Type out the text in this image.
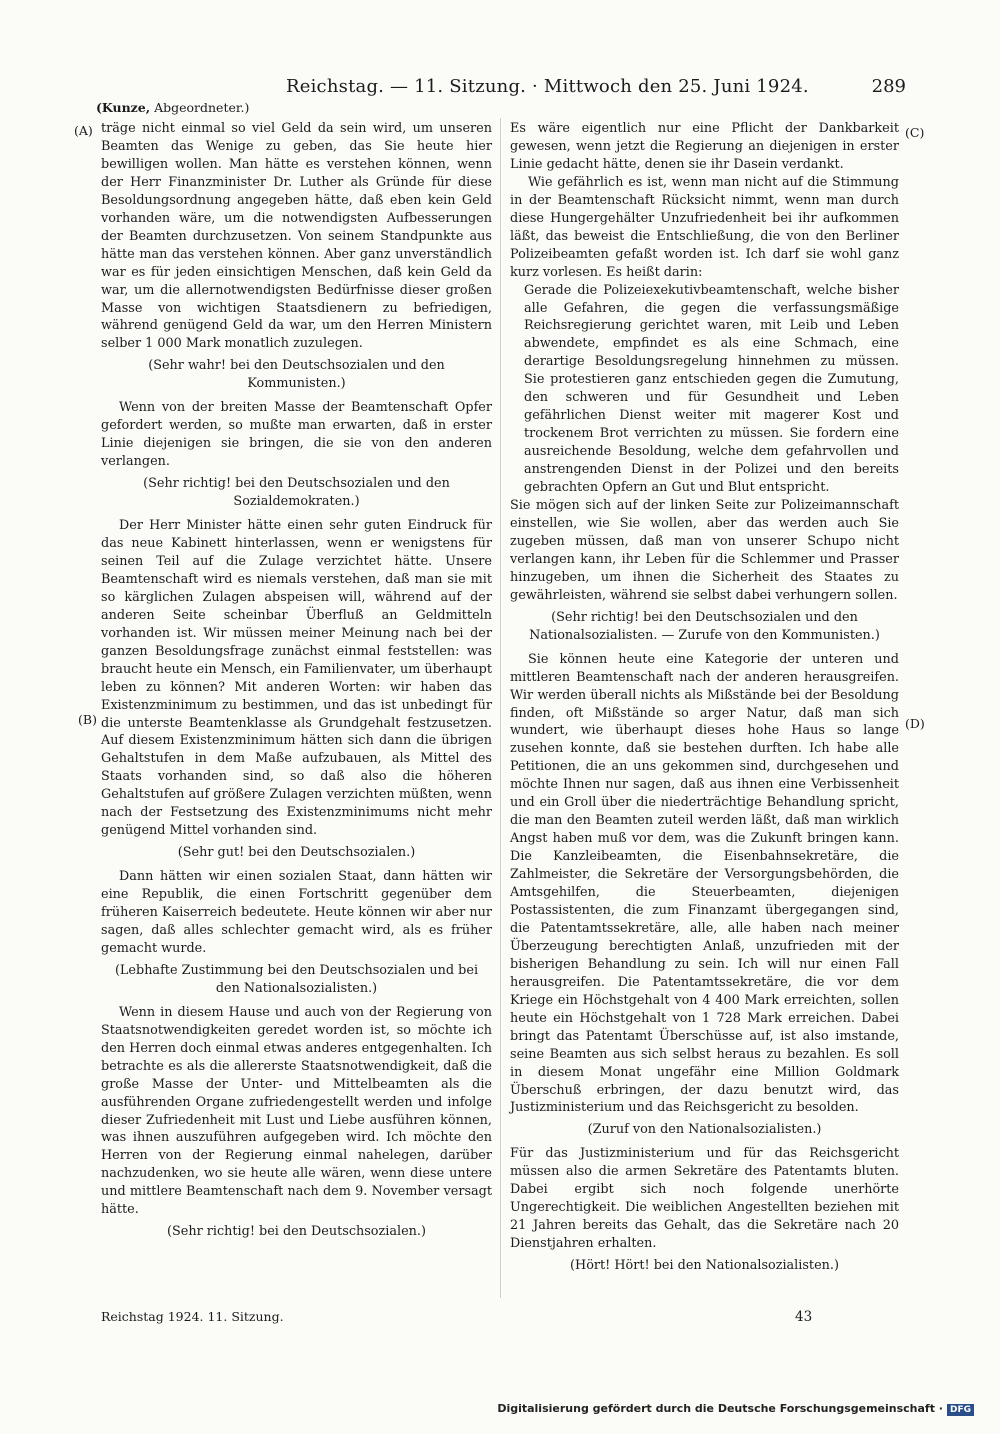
Reichstag. — 11. Sitzung. · Mittwoch den 25. Juni 1924.	289
(Kunze, Abgeordneter.)
(A)
(B)
(C)
(D)

träge nicht einmal so viel Geld da sein wird, um unseren Beamten das Wenige zu geben, das Sie heute hier bewilligen wollen. Man hätte es verstehen können, wenn der Herr Finanzminister Dr. Luther als Gründe für diese Besoldungsordnung angegeben hätte, daß eben kein Geld vorhanden wäre, um die notwendigsten Aufbesserungen der Beamten durchzusetzen. Von seinem Standpunkte aus hätte man das verstehen können. Aber ganz unverständlich war es für jeden einsichtigen Menschen, daß kein Geld da war, um die allernotwendigsten Bedürfnisse dieser großen Masse von wichtigen Staatsdienern zu befriedigen, während genügend Geld da war, um den Herren Ministern selber 1 000 Mark monatlich zuzulegen.

(Sehr wahr! bei den Deutschsozialen und den Kommunisten.)

Wenn von der breiten Masse der Beamtenschaft Opfer gefordert werden, so mußte man erwarten, daß in erster Linie diejenigen sie bringen, die sie von den anderen verlangen.

(Sehr richtig! bei den Deutschsozialen und den Sozialdemokraten.)

Der Herr Minister hätte einen sehr guten Eindruck für das neue Kabinett hinterlassen, wenn er wenigstens für seinen Teil auf die Zulage verzichtet hätte. Unsere Beamtenschaft wird es niemals verstehen, daß man sie mit so kärglichen Zulagen abspeisen will, während auf der anderen Seite scheinbar Überfluß an Geldmitteln vorhanden ist. Wir müssen meiner Meinung nach bei der ganzen Besoldungsfrage zunächst einmal feststellen: was braucht heute ein Mensch, ein Familienvater, um überhaupt leben zu können? Mit anderen Worten: wir haben das Existenzminimum zu bestimmen, und das ist unbedingt für die unterste Beamtenklasse als Grundgehalt festzusetzen. Auf diesem Existenzminimum hätten sich dann die übrigen Gehaltstufen in dem Maße aufzubauen, als Mittel des Staats vorhanden sind, so daß also die höheren Gehaltstufen auf größere Zulagen verzichten müßten, wenn nach der Festsetzung des Existenzminimums nicht mehr genügend Mittel vorhanden sind.

(Sehr gut! bei den Deutschsozialen.)

Dann hätten wir einen sozialen Staat, dann hätten wir eine Republik, die einen Fortschritt gegenüber dem früheren Kaiserreich bedeutete. Heute können wir aber nur sagen, daß alles schlechter gemacht wird, als es früher gemacht wurde.

(Lebhafte Zustimmung bei den Deutschsozialen und bei den Nationalsozialisten.)

Wenn in diesem Hause und auch von der Regierung von Staatsnotwendigkeiten geredet worden ist, so möchte ich den Herren doch einmal etwas anderes entgegenhalten. Ich betrachte es als die allererste Staatsnotwendigkeit, daß die große Masse der Unter- und Mittelbeamten als die ausführenden Organe zufriedengestellt werden und infolge dieser Zufriedenheit mit Lust und Liebe ausführen können, was ihnen auszuführen aufgegeben wird. Ich möchte den Herren von der Regierung einmal nahelegen, darüber nachzudenken, wo sie heute alle wären, wenn diese untere und mittlere Beamtenschaft nach dem 9. November versagt hätte.

(Sehr richtig! bei den Deutschsozialen.)

Es wäre eigentlich nur eine Pflicht der Dankbarkeit gewesen, wenn jetzt die Regierung an diejenigen in erster Linie gedacht hätte, denen sie ihr Dasein verdankt.

Wie gefährlich es ist, wenn man nicht auf die Stimmung in der Beamtenschaft Rücksicht nimmt, wenn man durch diese Hungergehälter Unzufriedenheit bei ihr aufkommen läßt, das beweist die Entschließung, die von den Berliner Polizeibeamten gefaßt worden ist. Ich darf sie wohl ganz kurz vorlesen. Es heißt darin:

Gerade die Polizeiexekutivbeamtenschaft, welche bisher alle Gefahren, die gegen die verfassungsmäßige Reichsregierung gerichtet waren, mit Leib und Leben abwendete, empfindet es als eine Schmach, eine derartige Besoldungsregelung hinnehmen zu müssen. Sie protestieren ganz entschieden gegen die Zumutung, den schweren und für Gesundheit und Leben gefährlichen Dienst weiter mit magerer Kost und trockenem Brot verrichten zu müssen. Sie fordern eine ausreichende Besoldung, welche dem gefahrvollen und anstrengenden Dienst in der Polizei und den bereits gebrachten Opfern an Gut und Blut entspricht.

Sie mögen sich auf der linken Seite zur Polizeimannschaft einstellen, wie Sie wollen, aber das werden auch Sie zugeben müssen, daß man von unserer Schupo nicht verlangen kann, ihr Leben für die Schlemmer und Prasser hinzugeben, um ihnen die Sicherheit des Staates zu gewährleisten, während sie selbst dabei verhungern sollen.

(Sehr richtig! bei den Deutschsozialen und den Nationalsozialisten. — Zurufe von den Kommunisten.)

Sie können heute eine Kategorie der unteren und mittleren Beamtenschaft nach der anderen herausgreifen. Wir werden überall nichts als Mißstände bei der Besoldung finden, oft Mißstände so arger Natur, daß man sich wundert, wie überhaupt dieses hohe Haus so lange zusehen konnte, daß sie bestehen durften. Ich habe alle Petitionen, die an uns gekommen sind, durchgesehen und möchte Ihnen nur sagen, daß aus ihnen eine Verbissenheit und ein Groll über die niederträchtige Behandlung spricht, die man den Beamten zuteil werden läßt, daß man wirklich Angst haben muß vor dem, was die Zukunft bringen kann. Die Kanzleibeamten, die Eisenbahnsekretäre, die Zahlmeister, die Sekretäre der Versorgungsbehörden, die Amtsgehilfen, die Steuerbeamten, diejenigen Postassistenten, die zum Finanzamt übergegangen sind, die Patentamtssekretäre, alle, alle haben nach meiner Überzeugung berechtigten Anlaß, unzufrieden mit der bisherigen Behandlung zu sein. Ich will nur einen Fall herausgreifen. Die Patentamtssekretäre, die vor dem Kriege ein Höchstgehalt von 4 400 Mark erreichten, sollen heute ein Höchstgehalt von 1 728 Mark erreichen. Dabei bringt das Patentamt Überschüsse auf, ist also imstande, seine Beamten aus sich selbst heraus zu bezahlen. Es soll in diesem Monat ungefähr eine Million Goldmark Überschuß erbringen, der dazu benutzt wird, das Justizministerium und das Reichsgericht zu besolden.

(Zuruf von den Nationalsozialisten.)

Für das Justizministerium und für das Reichsgericht müssen also die armen Sekretäre des Patentamts bluten. Dabei ergibt sich noch folgende unerhörte Ungerechtigkeit. Die weiblichen Angestellten beziehen mit 21 Jahren bereits das Gehalt, das die Sekretäre nach 20 Dienstjahren erhalten.

(Hört! Hört! bei den Nationalsozialisten.)

Reichstag 1924. 11. Sitzung.	43
Digitalisierung gefördert durch die Deutsche Forschungsgemeinschaft · DFG
